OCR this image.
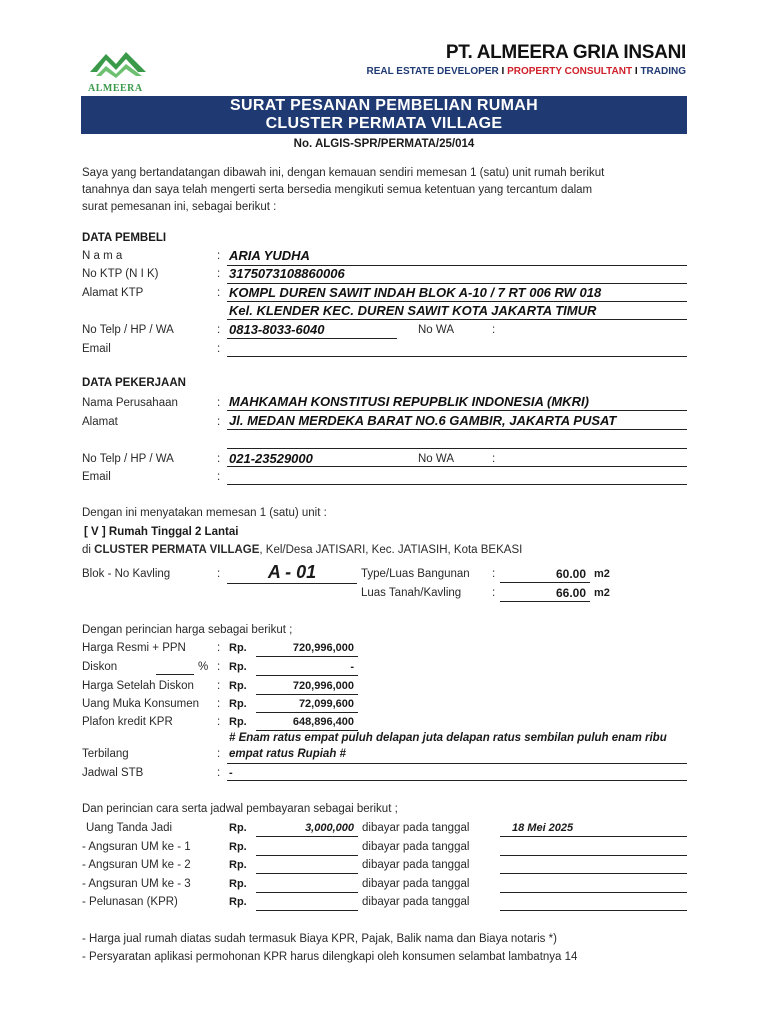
ALMEERA
PT. ALMEERA GRIA INSANI
REAL ESTATE DEVELOPER I PROPERTY CONSULTANT I TRADING
SURAT PESANAN PEMBELIAN RUMAH
CLUSTER PERMATA VILLAGE
No. ALGIS-SPR/PERMATA/25/014
Saya yang bertandatangan dibawah ini, dengan kemauan sendiri memesan 1 (satu) unit rumah berikut
tanahnya dan saya telah mengerti serta bersedia mengikuti semua ketentuan yang tercantum dalam
surat pemesanan ini, sebagai berikut :
DATA PEMBELI
N a m a	: ARIA YUDHA
No KTP (N I K)	: 3175073108860006
Alamat KTP	: KOMPL DUREN SAWIT INDAH BLOK A-10 / 7 RT 006 RW 018
Kel. KLENDER KEC. DUREN SAWIT KOTA JAKARTA TIMUR
No Telp / HP / WA	: 0813-8033-6040	No WA	:
Email	:
DATA PEKERJAAN
Nama Perusahaan	: MAHKAMAH KONSTITUSI REPUPBLIK INDONESIA (MKRI)
Alamat	: Jl. MEDAN MERDEKA BARAT NO.6 GAMBIR, JAKARTA PUSAT
No Telp / HP / WA	: 021-23529000	No WA	:
Email	:
Dengan ini menyatakan memesan 1 (satu) unit :
[ V ] Rumah Tinggal 2 Lantai
di CLUSTER PERMATA VILLAGE, Kel/Desa JATISARI, Kec. JATIASIH, Kota BEKASI
Blok - No Kavling	:	A - 01	Type/Luas Bangunan :	60.00 m2
Luas Tanah/Kavling	:	66.00 m2
Dengan perincian harga sebagai berikut ;
Harga Resmi + PPN	: Rp.	720,996,000
Diskon	% : Rp.	-
Harga Setelah Diskon : Rp.	720,996,000
Uang Muka Konsumen : Rp.	72,099,600
Plafon kredit KPR	: Rp.	648,896,400
# Enam ratus empat puluh delapan juta delapan ratus sembilan puluh enam ribu
Terbilang	: empat ratus Rupiah #
Jadwal STB	: -
Dan perincian cara serta jadwal pembayaran sebagai berikut ;
Uang Tanda Jadi	Rp.	3,000,000 dibayar pada tanggal	18 Mei 2025
- Angsuran UM ke - 1	Rp.	dibayar pada tanggal
- Angsuran UM ke - 2	Rp.	dibayar pada tanggal
- Angsuran UM ke - 3	Rp.	dibayar pada tanggal
- Pelunasan (KPR)	Rp.	dibayar pada tanggal
- Harga jual rumah diatas sudah termasuk Biaya KPR, Pajak, Balik nama dan Biaya notaris *)
- Persyaratan aplikasi permohonan KPR harus dilengkapi oleh konsumen selambat lambatnya 14
